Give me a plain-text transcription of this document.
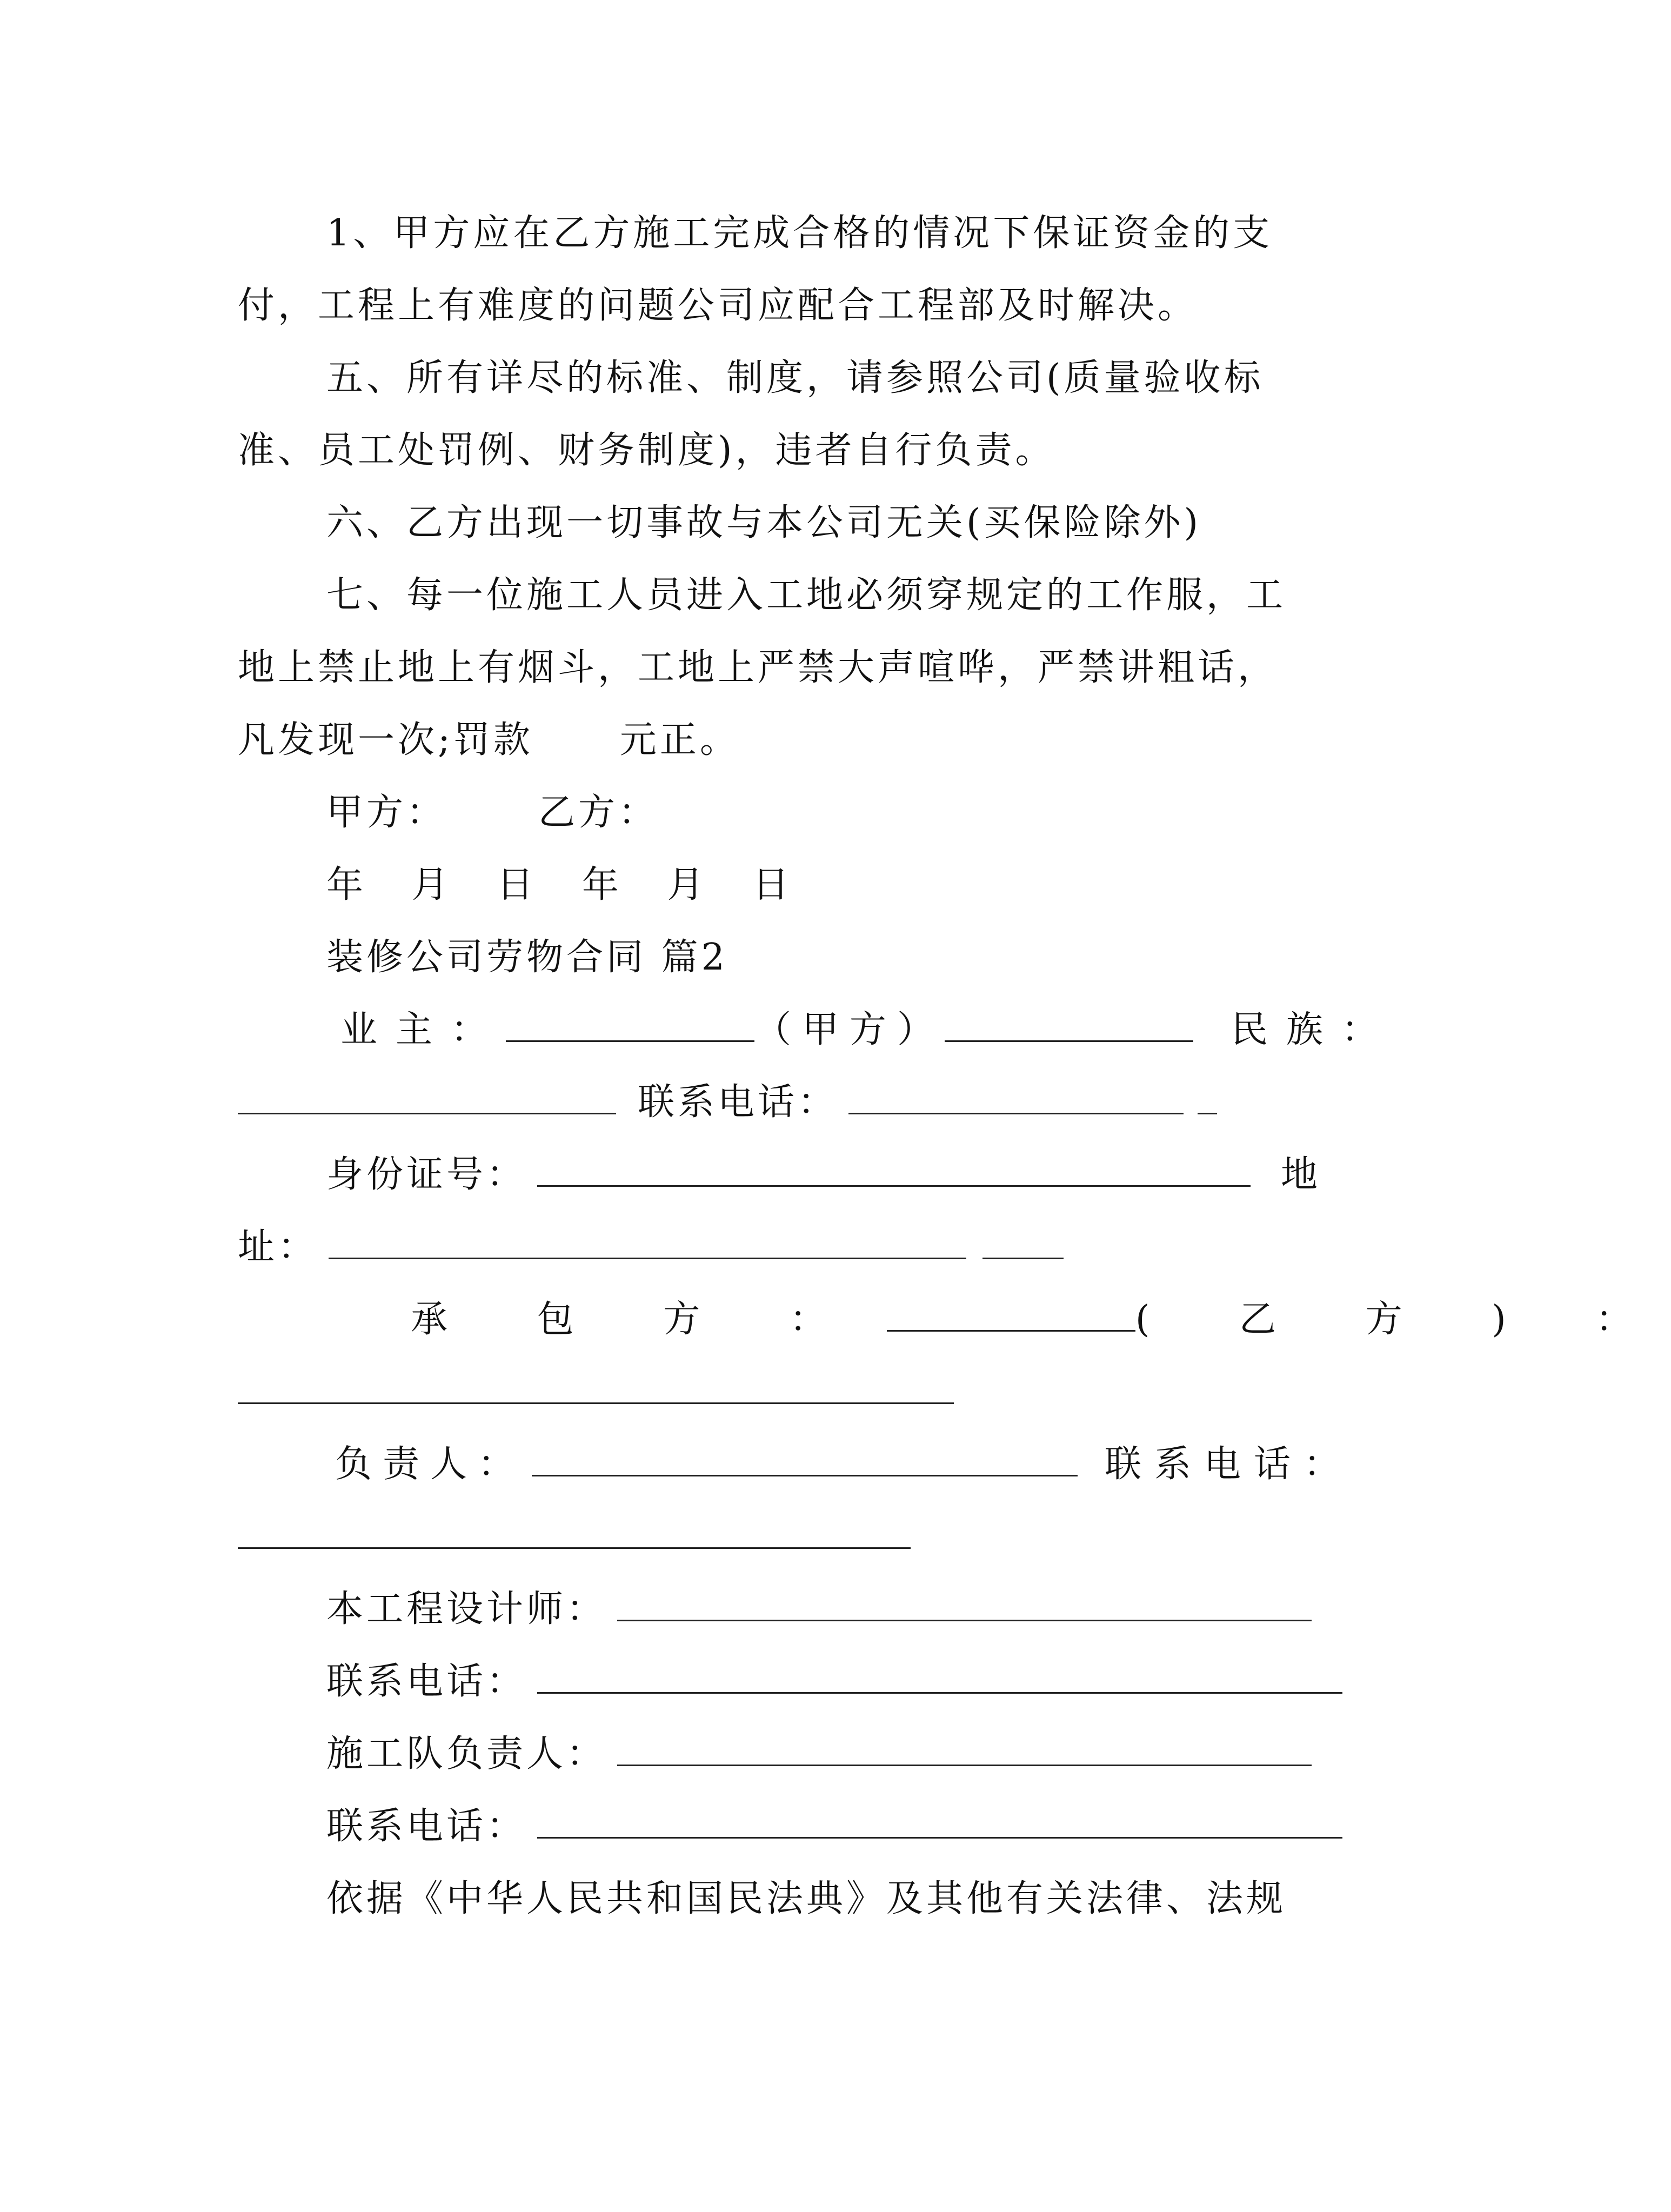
1、甲方应在乙方施工完成合格的情况下保证资金的支
付，工程上有难度的问题公司应配合工程部及时解决。
五、所有详尽的标准、制度，请参照公司(质量验收标
准、员工处罚例、财务制度)，违者自行负责。
六、乙方出现一切事故与本公司无关(买保险除外)
七、每一位施工人员进入工地必须穿规定的工作服，工
地上禁止地上有烟斗，工地上严禁大声喧哗，严禁讲粗话，
凡发现一次;罚款 元正。
甲方：	乙方：
年 月 日 年 月 日
装修公司劳物合同 篇2
业主：	（甲方）	民族：
联系电话：
身份证号：	地
址：
承 包 方 ：	( 乙 方 ) ：
负责人：	联系电话：
本工程设计师：
联系电话：
施工队负责人：
联系电话：
依据《中华人民共和国民法典》及其他有关法律、法规
